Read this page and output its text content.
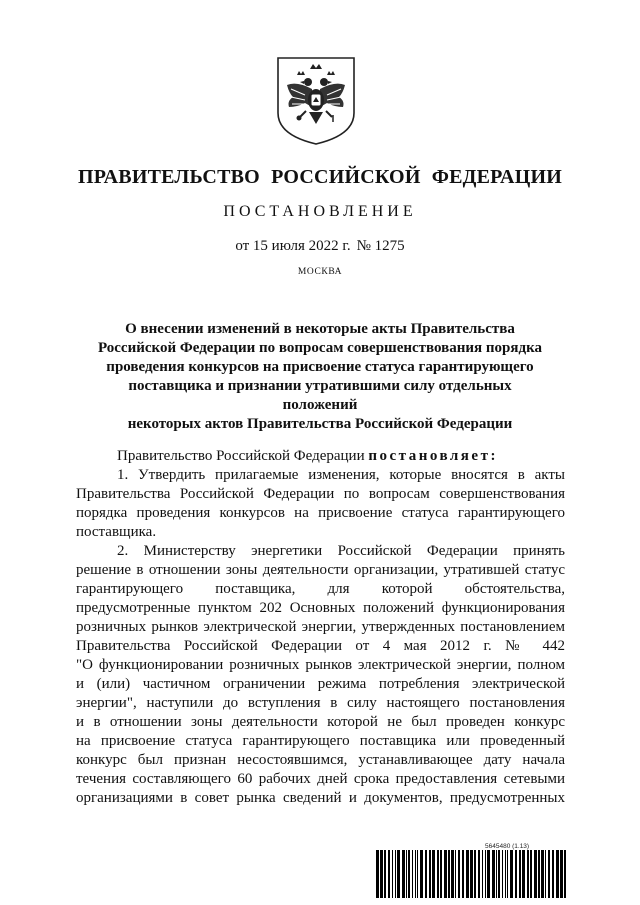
ПРАВИТЕЛЬСТВО РОССИЙСКОЙ ФЕДЕРАЦИИ
ПОСТАНОВЛЕНИЕ
от 15 июля 2022 г. № 1275
МОСКВА
О внесении изменений в некоторые акты Правительства
Российской Федерации по вопросам совершенствования порядка
проведения конкурсов на присвоение статуса гарантирующего
поставщика и признании утратившими силу отдельных положений
некоторых актов Правительства Российской Федерации
Правительство Российской Федерации постановляет:
1. Утвердить прилагаемые изменения, которые вносятся в акты
Правительства Российской Федерации по вопросам совершенствования
порядка проведения конкурсов на присвоение статуса гарантирующего
поставщика.
2. Министерству энергетики Российской Федерации принять
решение в отношении зоны деятельности организации, утратившей статус
гарантирующего поставщика, для которой обстоятельства,
предусмотренные пунктом 202 Основных положений функционирования
розничных рынков электрической энергии, утвержденных постановлением
Правительства Российской Федерации от 4 мая 2012 г. № 442
"О функционировании розничных рынков электрической энергии, полном
и (или) частичном ограничении режима потребления электрической
энергии", наступили до вступления в силу настоящего постановления
и в отношении зоны деятельности которой не был проведен конкурс
на присвоение статуса гарантирующего поставщика или проведенный
конкурс был признан несостоявшимся, устанавливающее дату начала
течения составляющего 60 рабочих дней срока предоставления сетевыми
организациями в совет рынка сведений и документов, предусмотренных
5645480 (1.13)
